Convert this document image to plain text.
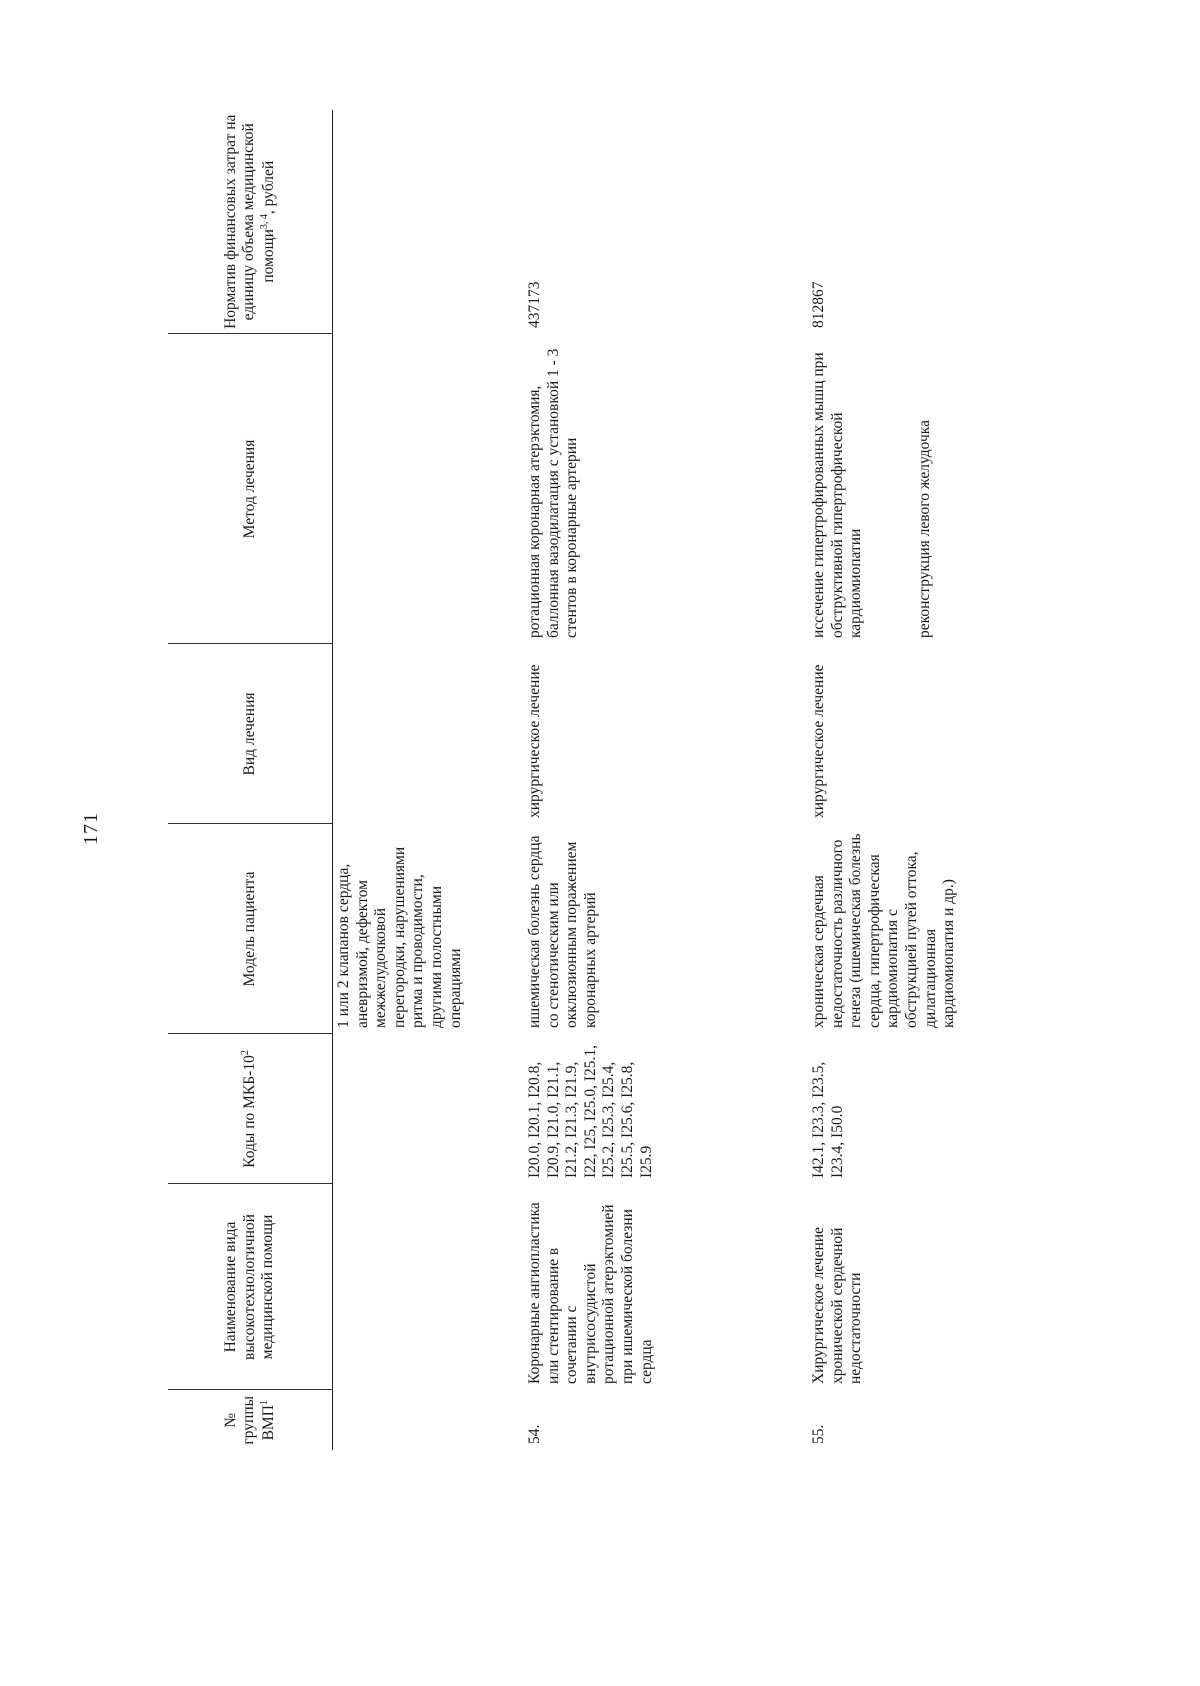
171
№ группы ВМП$^1$	Наименование вида высокотехнологичной медицинской помощи	Коды по МКБ-$10^2$	Модель пациента	Вид лечения	Метод лечения	Норматив финансовых затрат на единицу объема медицинской помощи$^{3, 4}$, рублей
			1 или 2 клапанов сердца, аневризмой, дефектом межжелудочковой перегородки, нарушениями ритма и проводимости, другими полостными операциями			
54.	Коронарные ангиопластика или стентирование в сочетании с внутрисосудистой ротационной атерэктомией при ишемической болезни сердца	I20.0, I20.1, I20.8, I20.9, I21.0, I21.1, I21.2, I21.3, I21.9, I22, I25, I25.0, I25.1, I25.2, I25.3, I25.4, I25.5, I25.6, I25.8, I25.9	ишемическая болезнь сердца со стенотическим или окклюзионным поражением коронарных артерий	хирургическое лечение	ротационная коронарная атерэктомия, баллонная вазодилатация с установкой 1 - 3 стентов в коронарные артерии	437173
55.	Хирургическое лечение хронической сердечной недостаточности	I42.1, I23.3, I23.5, I23.4, I50.0	хроническая сердечная недостаточность различного генеза (ишемическая болезнь сердца, гипертрофическая кардиомиопатия с обструкцией путей оттока, дилатационная кардиомиопатия и др.)	хирургическое лечение	иссечение гипертрофированных мышц при обструктивной гипертрофической кардиомиопатии реконструкция левого желудочка	812867
